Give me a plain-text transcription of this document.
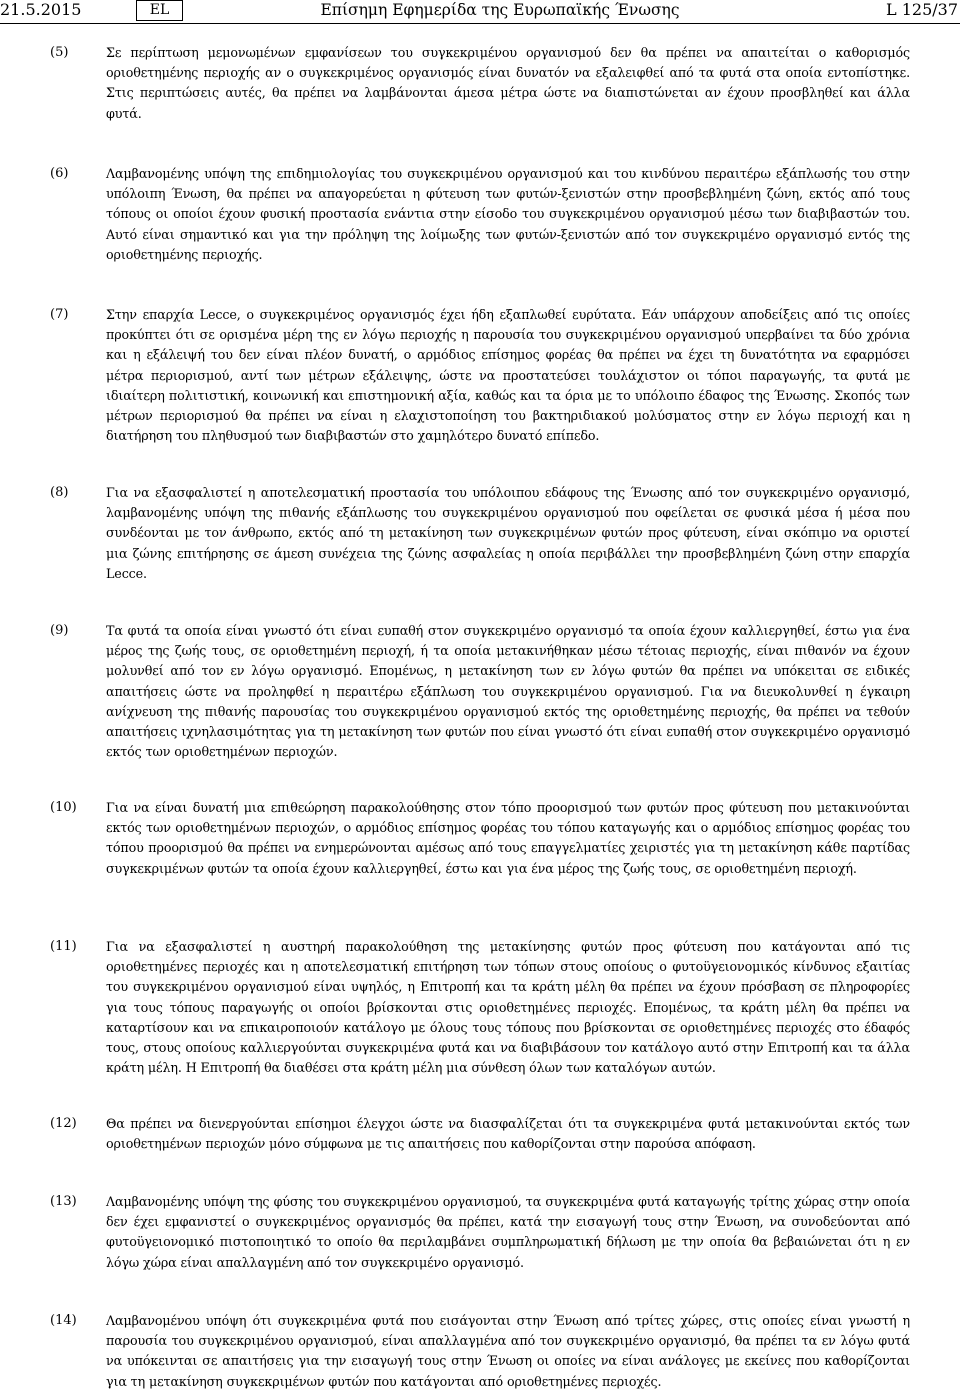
21.5.2015	EL	Επίσημη Εφημερίδα της Ευρωπαϊκής Ένωσης	L 125/37
(5)	Σε περίπτωση μεμονωμένων εμφανίσεων του συγκεκριμένου οργανισμού δεν θα πρέπει να απαιτείται ο καθορισμός οριοθετημένης περιοχής αν ο συγκεκριμένος οργανισμός είναι δυνατόν να εξαλειφθεί από τα φυτά στα οποία εντοπίστηκε. Στις περιπτώσεις αυτές, θα πρέπει να λαμβάνονται άμεσα μέτρα ώστε να διαπιστώνεται αν έχουν προσβληθεί και άλλα φυτά.
(6)	Λαμβανομένης υπόψη της επιδημιολογίας του συγκεκριμένου οργανισμού και του κινδύνου περαιτέρω εξάπλωσής του στην υπόλοιπη Ένωση, θα πρέπει να απαγορεύεται η φύτευση των φυτών-ξενιστών στην προσβεβλημένη ζώνη, εκτός από τους τόπους οι οποίοι έχουν φυσική προστασία ενάντια στην είσοδο του συγκεκριμένου οργανισμού μέσω των διαβιβαστών του. Αυτό είναι σημαντικό και για την πρόληψη της λοίμωξης των φυτών-ξενιστών από τον συγκεκριμένο οργανισμό εντός της οριοθετημένης περιοχής.
(7)	Στην επαρχία Lecce, ο συγκεκριμένος οργανισμός έχει ήδη εξαπλωθεί ευρύτατα. Εάν υπάρχουν αποδείξεις από τις οποίες προκύπτει ότι σε ορισμένα μέρη της εν λόγω περιοχής η παρουσία του συγκεκριμένου οργανισμού υπερβαίνει τα δύο χρόνια και η εξάλειψή του δεν είναι πλέον δυνατή, ο αρμόδιος επίσημος φορέας θα πρέπει να έχει τη δυνατότητα να εφαρμόσει μέτρα περιορισμού, αντί των μέτρων εξάλειψης, ώστε να προστατεύσει τουλάχιστον οι τόποι παραγωγής, τα φυτά με ιδιαίτερη πολιτιστική, κοινωνική και επιστημονική αξία, καθώς και τα όρια με το υπόλοιπο έδαφος της Ένωσης. Σκοπός των μέτρων περιορισμού θα πρέπει να είναι η ελαχιστοποίηση του βακτηριδιακού μολύσματος στην εν λόγω περιοχή και η διατήρηση του πληθυσμού των διαβιβαστών στο χαμηλότερο δυνατό επίπεδο.
(8)	Για να εξασφαλιστεί η αποτελεσματική προστασία του υπόλοιπου εδάφους της Ένωσης από τον συγκεκριμένο οργανισμό, λαμβανομένης υπόψη της πιθανής εξάπλωσης του συγκεκριμένου οργανισμού που οφείλεται σε φυσικά μέσα ή μέσα που συνδέονται με τον άνθρωπο, εκτός από τη μετακίνηση των συγκεκριμένων φυτών προς φύτευση, είναι σκόπιμο να οριστεί μια ζώνης επιτήρησης σε άμεση συνέχεια της ζώνης ασφαλείας η οποία περιβάλλει την προσβεβλημένη ζώνη στην επαρχία Lecce.
(9)	Τα φυτά τα οποία είναι γνωστό ότι είναι ευπαθή στον συγκεκριμένο οργανισμό τα οποία έχουν καλλιεργηθεί, έστω για ένα μέρος της ζωής τους, σε οριοθετημένη περιοχή, ή τα οποία μετακινήθηκαν μέσω τέτοιας περιοχής, είναι πιθανόν να έχουν μολυνθεί από τον εν λόγω οργανισμό. Επομένως, η μετακίνηση των εν λόγω φυτών θα πρέπει να υπόκειται σε ειδικές απαιτήσεις ώστε να προληφθεί η περαιτέρω εξάπλωση του συγκεκριμένου οργανισμού. Για να διευκολυνθεί η έγκαιρη ανίχνευση της πιθανής παρουσίας του συγκεκριμένου οργανισμού εκτός της οριοθετημένης περιοχής, θα πρέπει να τεθούν απαιτήσεις ιχνηλασιμότητας για τη μετακίνηση των φυτών που είναι γνωστό ότι είναι ευπαθή στον συγκεκριμένο οργανισμό εκτός των οριοθετημένων περιοχών.
(10) Για να είναι δυνατή μια επιθεώρηση παρακολούθησης στον τόπο προορισμού των φυτών προς φύτευση που μετακινούνται εκτός των οριοθετημένων περιοχών, ο αρμόδιος επίσημος φορέας του τόπου καταγωγής και ο αρμόδιος επίσημος φορέας του τόπου προορισμού θα πρέπει να ενημερώνονται αμέσως από τους επαγγελματίες χειριστές για τη μετακίνηση κάθε παρτίδας συγκεκριμένων φυτών τα οποία έχουν καλλιεργηθεί, έστω και για ένα μέρος της ζωής τους, σε οριοθετημένη περιοχή.
(11) Για να εξασφαλιστεί η αυστηρή παρακολούθηση της μετακίνησης φυτών προς φύτευση που κατάγονται από τις οριοθετημένες περιοχές και η αποτελεσματική επιτήρηση των τόπων στους οποίους ο φυτοϋγειονομικός κίνδυνος εξαιτίας του συγκεκριμένου οργανισμού είναι υψηλός, η Επιτροπή και τα κράτη μέλη θα πρέπει να έχουν πρόσβαση σε πληροφορίες για τους τόπους παραγωγής οι οποίοι βρίσκονται στις οριοθετημένες περιοχές. Επομένως, τα κράτη μέλη θα πρέπει να καταρτίσουν και να επικαιροποιούν κατάλογο με όλους τους τόπους που βρίσκονται σε οριοθετημένες περιοχές στο έδαφός τους, στους οποίους καλλιεργούνται συγκεκριμένα φυτά και να διαβιβάσουν τον κατάλογο αυτό στην Επιτροπή και τα άλλα κράτη μέλη. Η Επιτροπή θα διαθέσει στα κράτη μέλη μια σύνθεση όλων των καταλόγων αυτών.
(12) Θα πρέπει να διενεργούνται επίσημοι έλεγχοι ώστε να διασφαλίζεται ότι τα συγκεκριμένα φυτά μετακινούνται εκτός των οριοθετημένων περιοχών μόνο σύμφωνα με τις απαιτήσεις που καθορίζονται στην παρούσα απόφαση.
(13) Λαμβανομένης υπόψη της φύσης του συγκεκριμένου οργανισμού, τα συγκεκριμένα φυτά καταγωγής τρίτης χώρας στην οποία δεν έχει εμφανιστεί ο συγκεκριμένος οργανισμός θα πρέπει, κατά την εισαγωγή τους στην Ένωση, να συνοδεύονται από φυτοϋγειονομικό πιστοποιητικό το οποίο θα περιλαμβάνει συμπληρωματική δήλωση με την οποία θα βεβαιώνεται ότι η εν λόγω χώρα είναι απαλλαγμένη από τον συγκεκριμένο οργανισμό.
(14) Λαμβανομένου υπόψη ότι συγκεκριμένα φυτά που εισάγονται στην Ένωση από τρίτες χώρες, στις οποίες είναι γνωστή η παρουσία του συγκεκριμένου οργανισμού, είναι απαλλαγμένα από τον συγκεκριμένο οργανισμό, θα πρέπει τα εν λόγω φυτά να υπόκεινται σε απαιτήσεις για την εισαγωγή τους στην Ένωση οι οποίες να είναι ανάλογες με εκείνες που καθορίζονται για τη μετακίνηση συγκεκριμένων φυτών που κατάγονται από οριοθετημένες περιοχές.
